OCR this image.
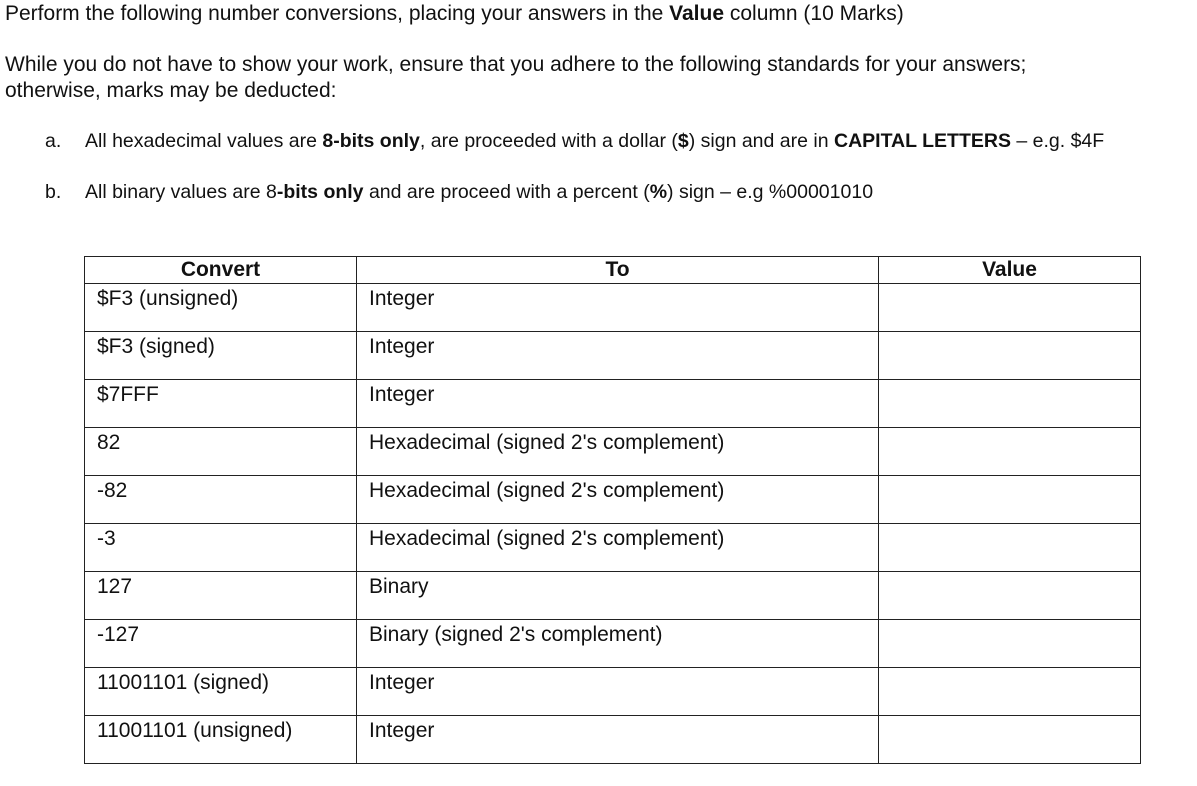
Perform the following number conversions, placing your answers in the Value column (10 Marks)

While you do not have to show your work, ensure that you adhere to the following standards for your answers;
otherwise, marks may be deducted:

a. All hexadecimal values are 8-bits only, are proceeded with a dollar ($) sign and are in CAPITAL LETTERS – e.g. $4F
b. All binary values are 8-bits only and are proceed with a percent (%) sign – e.g %00001010
Convert	To	Value
$F3 (unsigned)	Integer	
$F3 (signed)	Integer	
$7FFF	Integer	
82	Hexadecimal (signed 2's complement)	
-82	Hexadecimal (signed 2's complement)	
-3	Hexadecimal (signed 2's complement)	
127	Binary	
-127	Binary (signed 2's complement)	
11001101 (signed)	Integer	
11001101 (unsigned)	Integer	
